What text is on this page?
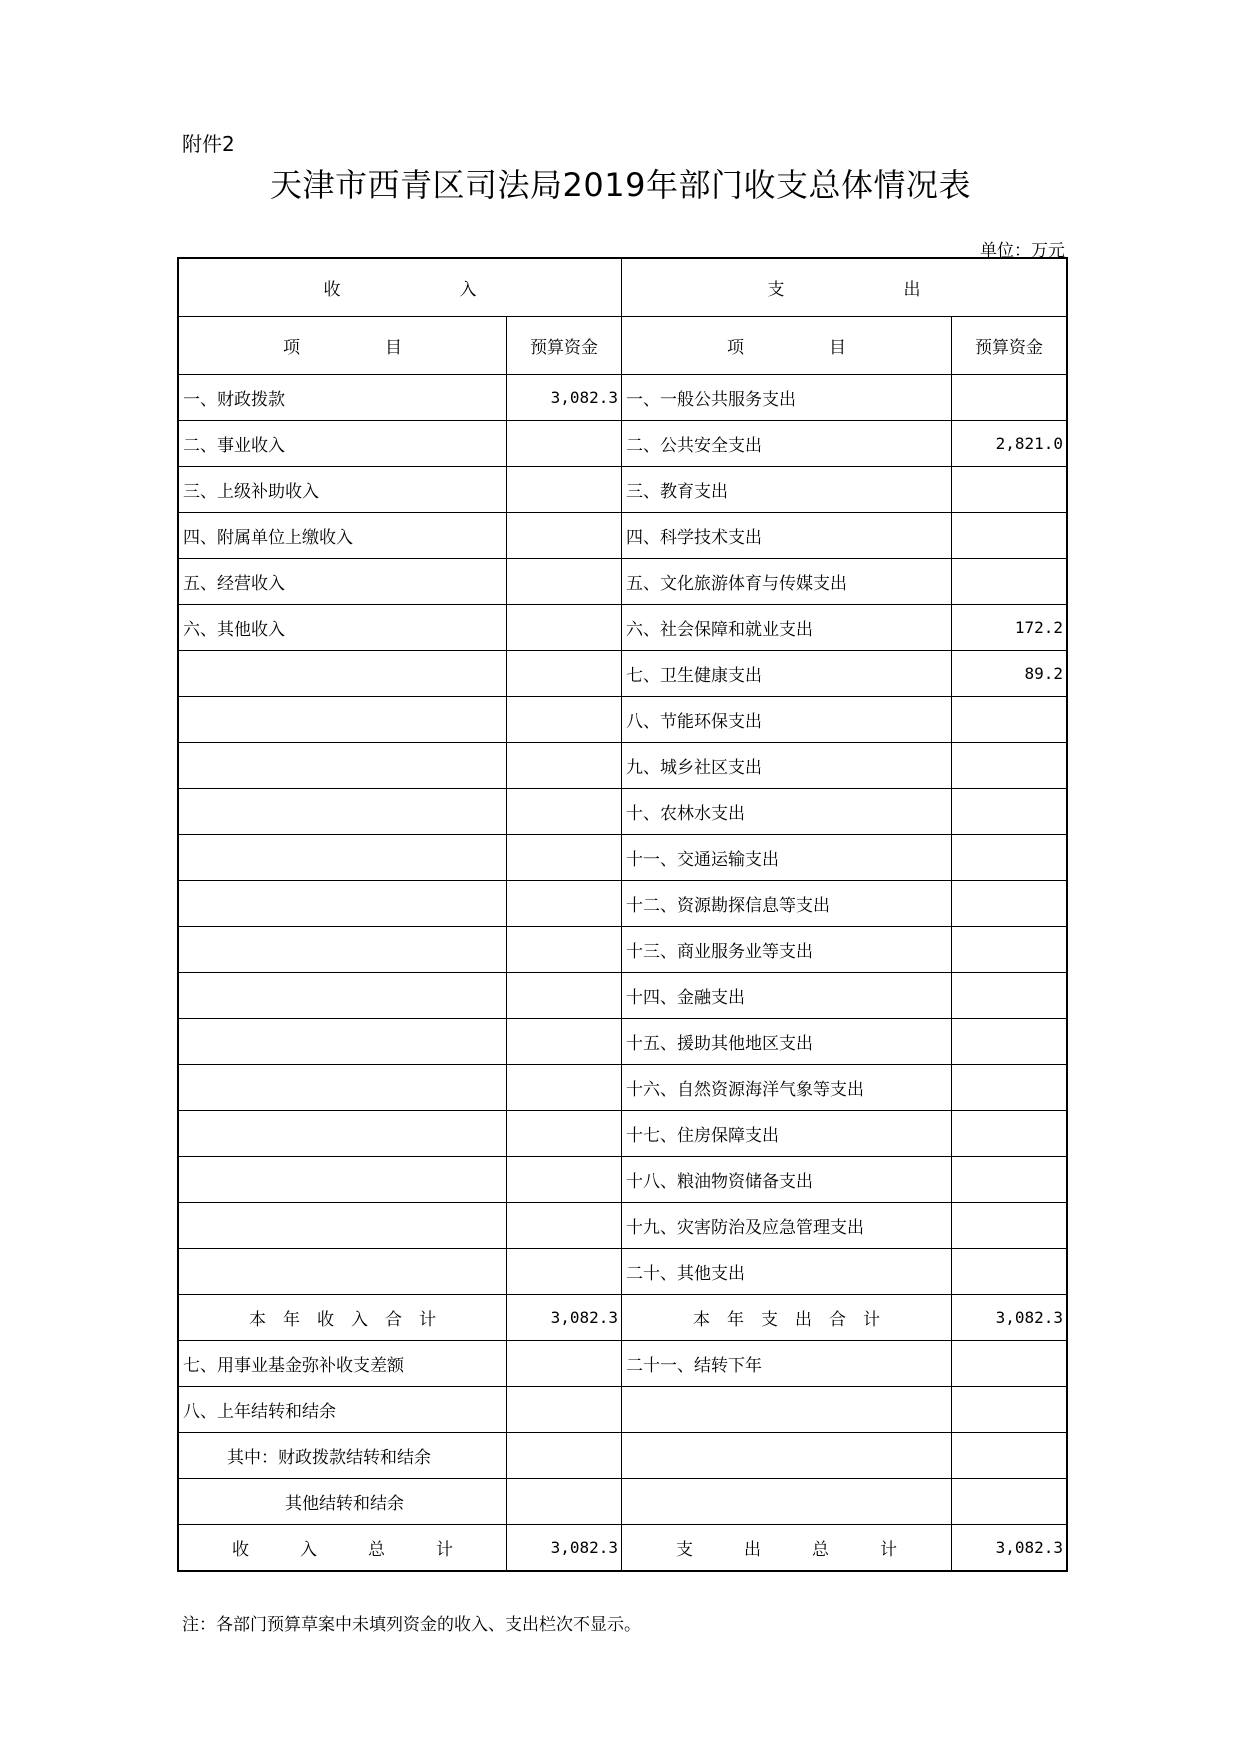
附件2
天津市西青区司法局2019年部门收支总体情况表
单位：万元
收　　　　　　　入		支　　　　　　　出	
项　　　　　目	预算资金	项　　　　　目	预算资金
一、财政拨款	3,082.3	一、一般公共服务支出	
二、事业收入		二、公共安全支出	2,821.0
三、上级补助收入		三、教育支出	
四、附属单位上缴收入		四、科学技术支出	
五、经营收入		五、文化旅游体育与传媒支出	
六、其他收入		六、社会保障和就业支出	172.2
		七、卫生健康支出	89.2
		八、节能环保支出	
		九、城乡社区支出	
		十、农林水支出	
		十一、交通运输支出	
		十二、资源勘探信息等支出	
		十三、商业服务业等支出	
		十四、金融支出	
		十五、援助其他地区支出	
		十六、自然资源海洋气象等支出	
		十七、住房保障支出	
		十八、粮油物资储备支出	
		十九、灾害防治及应急管理支出	
		二十、其他支出	
本　年　收　入　合　计	3,082.3	本　年　支　出　合　计	3,082.3
七、用事业基金弥补收支差额		二十一、结转下年	
八、上年结转和结余			
其中：财政拨款结转和结余			
其他结转和结余			
收　　　入　　　总　　　计	3,082.3	支　　　出　　　总　　　计	3,082.3
注：各部门预算草案中未填列资金的收入、支出栏次不显示。
